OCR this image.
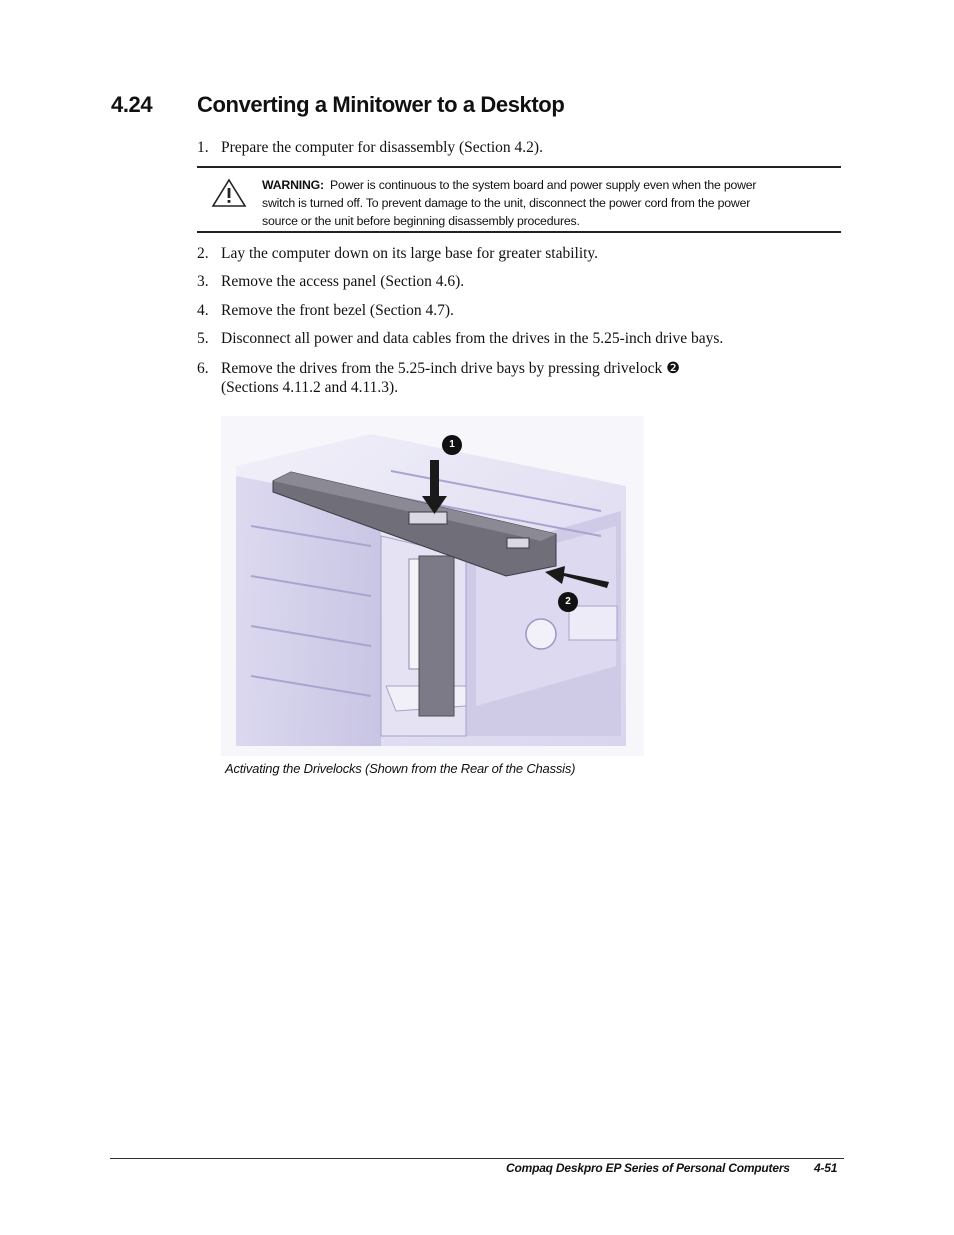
4.24 Converting a Minitower to a Desktop
1. Prepare the computer for disassembly (Section 4.2).
WARNING: Power is continuous to the system board and power supply even when the power
switch is turned off. To prevent damage to the unit, disconnect the power cord from the power
source or the unit before beginning disassembly procedures.
2. Lay the computer down on its large base for greater stability.
3. Remove the access panel (Section 4.6).
4. Remove the front bezel (Section 4.7).
5. Disconnect all power and data cables from the drives in the 5.25-inch drive bays.
6. Remove the drives from the 5.25-inch drive bays by pressing drivelock ❷
(Sections 4.11.2 and 4.11.3).
1
2
Activating the Drivelocks (Shown from the Rear of the Chassis)
Compaq Deskpro EP Series of Personal Computers 4-51
